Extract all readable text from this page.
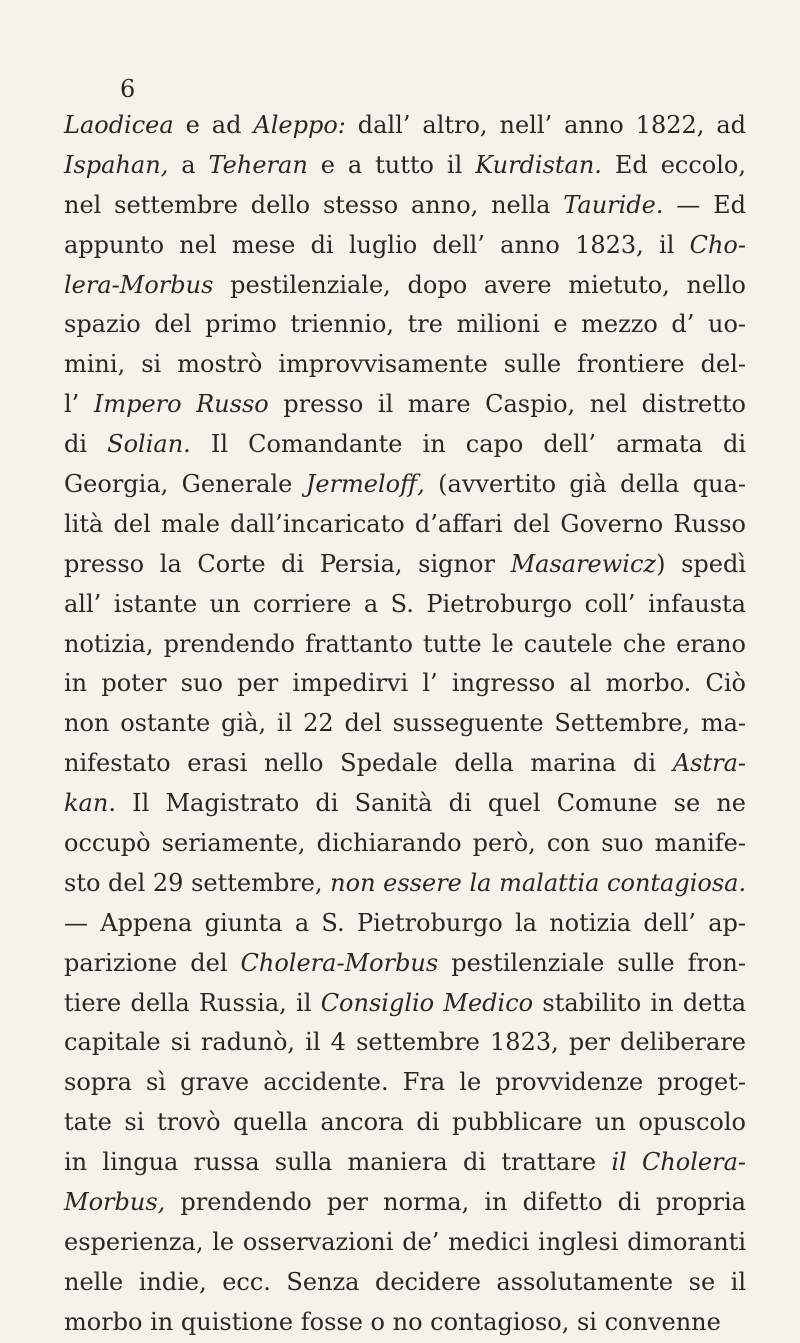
6
Laodicea e ad Aleppo: dall’ altro, nell’ anno 1822, ad
Ispahan, a Teheran e a tutto il Kurdistan. Ed eccolo,
nel settembre dello stesso anno, nella Tauride. — Ed
appunto nel mese di luglio dell’ anno 1823, il Cho-
lera-Morbus pestilenziale, dopo avere mietuto, nello
spazio del primo triennio, tre milioni e mezzo d’ uo-
mini, si mostrò improvvisamente sulle frontiere del-
l’ Impero Russo presso il mare Caspio, nel distretto
di Solian. Il Comandante in capo dell’ armata di
Georgia, Generale Jermeloff, (avvertito già della qua-
lità del male dall’incaricato d’affari del Governo Russo
presso la Corte di Persia, signor Masarewicz) spedì
all’ istante un corriere a S. Pietroburgo coll’ infausta
notizia, prendendo frattanto tutte le cautele che erano
in poter suo per impedirvi l’ ingresso al morbo. Ciò
non ostante già, il 22 del susseguente Settembre, ma-
nifestato erasi nello Spedale della marina di Astra-
kan. Il Magistrato di Sanità di quel Comune se ne
occupò seriamente, dichiarando però, con suo manife-
sto del 29 settembre, non essere la malattia contagiosa.
— Appena giunta a S. Pietroburgo la notizia dell’ ap-
parizione del Cholera-Morbus pestilenziale sulle fron-
tiere della Russia, il Consiglio Medico stabilito in detta
capitale si radunò, il 4 settembre 1823, per deliberare
sopra sì grave accidente. Fra le provvidenze proget-
tate si trovò quella ancora di pubblicare un opuscolo
in lingua russa sulla maniera di trattare il Cholera-
Morbus, prendendo per norma, in difetto di propria
esperienza, le osservazioni de’ medici inglesi dimoranti
nelle indie, ecc. Senza decidere assolutamente se il
morbo in quistione fosse o no contagioso, si convenne
